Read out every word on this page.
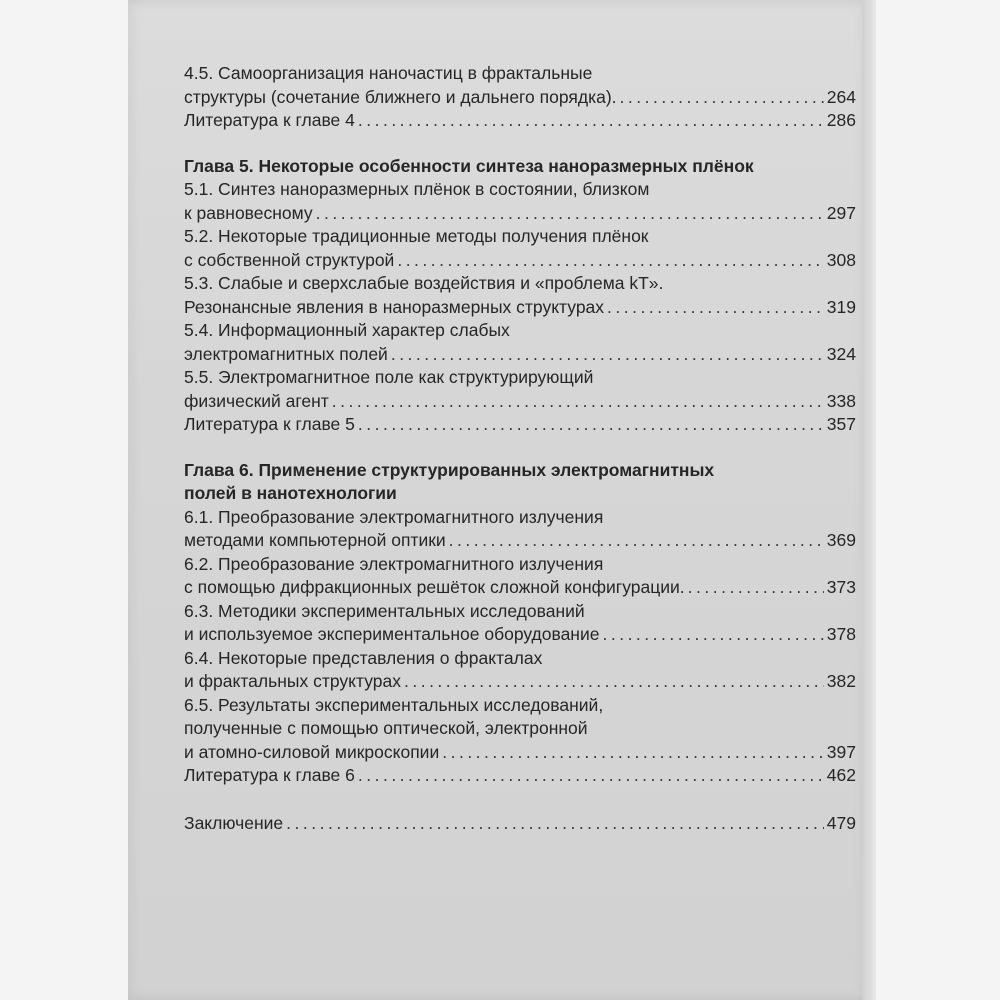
4.5. Самоорганизация наночастиц в фрактальные
структуры (сочетание ближнего и дальнего порядка). .....	264
Литература к главе 4 .....	286
Глава 5. Некоторые особенности синтеза наноразмерных плёнок
5.1. Синтез наноразмерных плёнок в состоянии, близком
к равновесному .....	297
5.2. Некоторые традиционные методы получения плёнок
с собственной структурой .....	308
5.3. Слабые и сверхслабые воздействия и «проблема kT».
Резонансные явления в наноразмерных структурах .....	319
5.4. Информационный характер слабых
электромагнитных полей .....	324
5.5. Электромагнитное поле как структурирующий
физический агент .....	338
Литература к главе 5 .....	357
Глава 6. Применение структурированных электромагнитных
полей в нанотехнологии
6.1. Преобразование электромагнитного излучения
методами компьютерной оптики .....	369
6.2. Преобразование электромагнитного излучения
с помощью дифракционных решёток сложной конфигурации. .....	373
6.3. Методики экспериментальных исследований
и используемое экспериментальное оборудование .....	378
6.4. Некоторые представления о фракталах
и фрактальных структурах .....	382
6.5. Результаты экспериментальных исследований,
полученные с помощью оптической, электронной
и атомно-силовой микроскопии .....	397
Литература к главе 6 .....	462
Заключение .....	479
